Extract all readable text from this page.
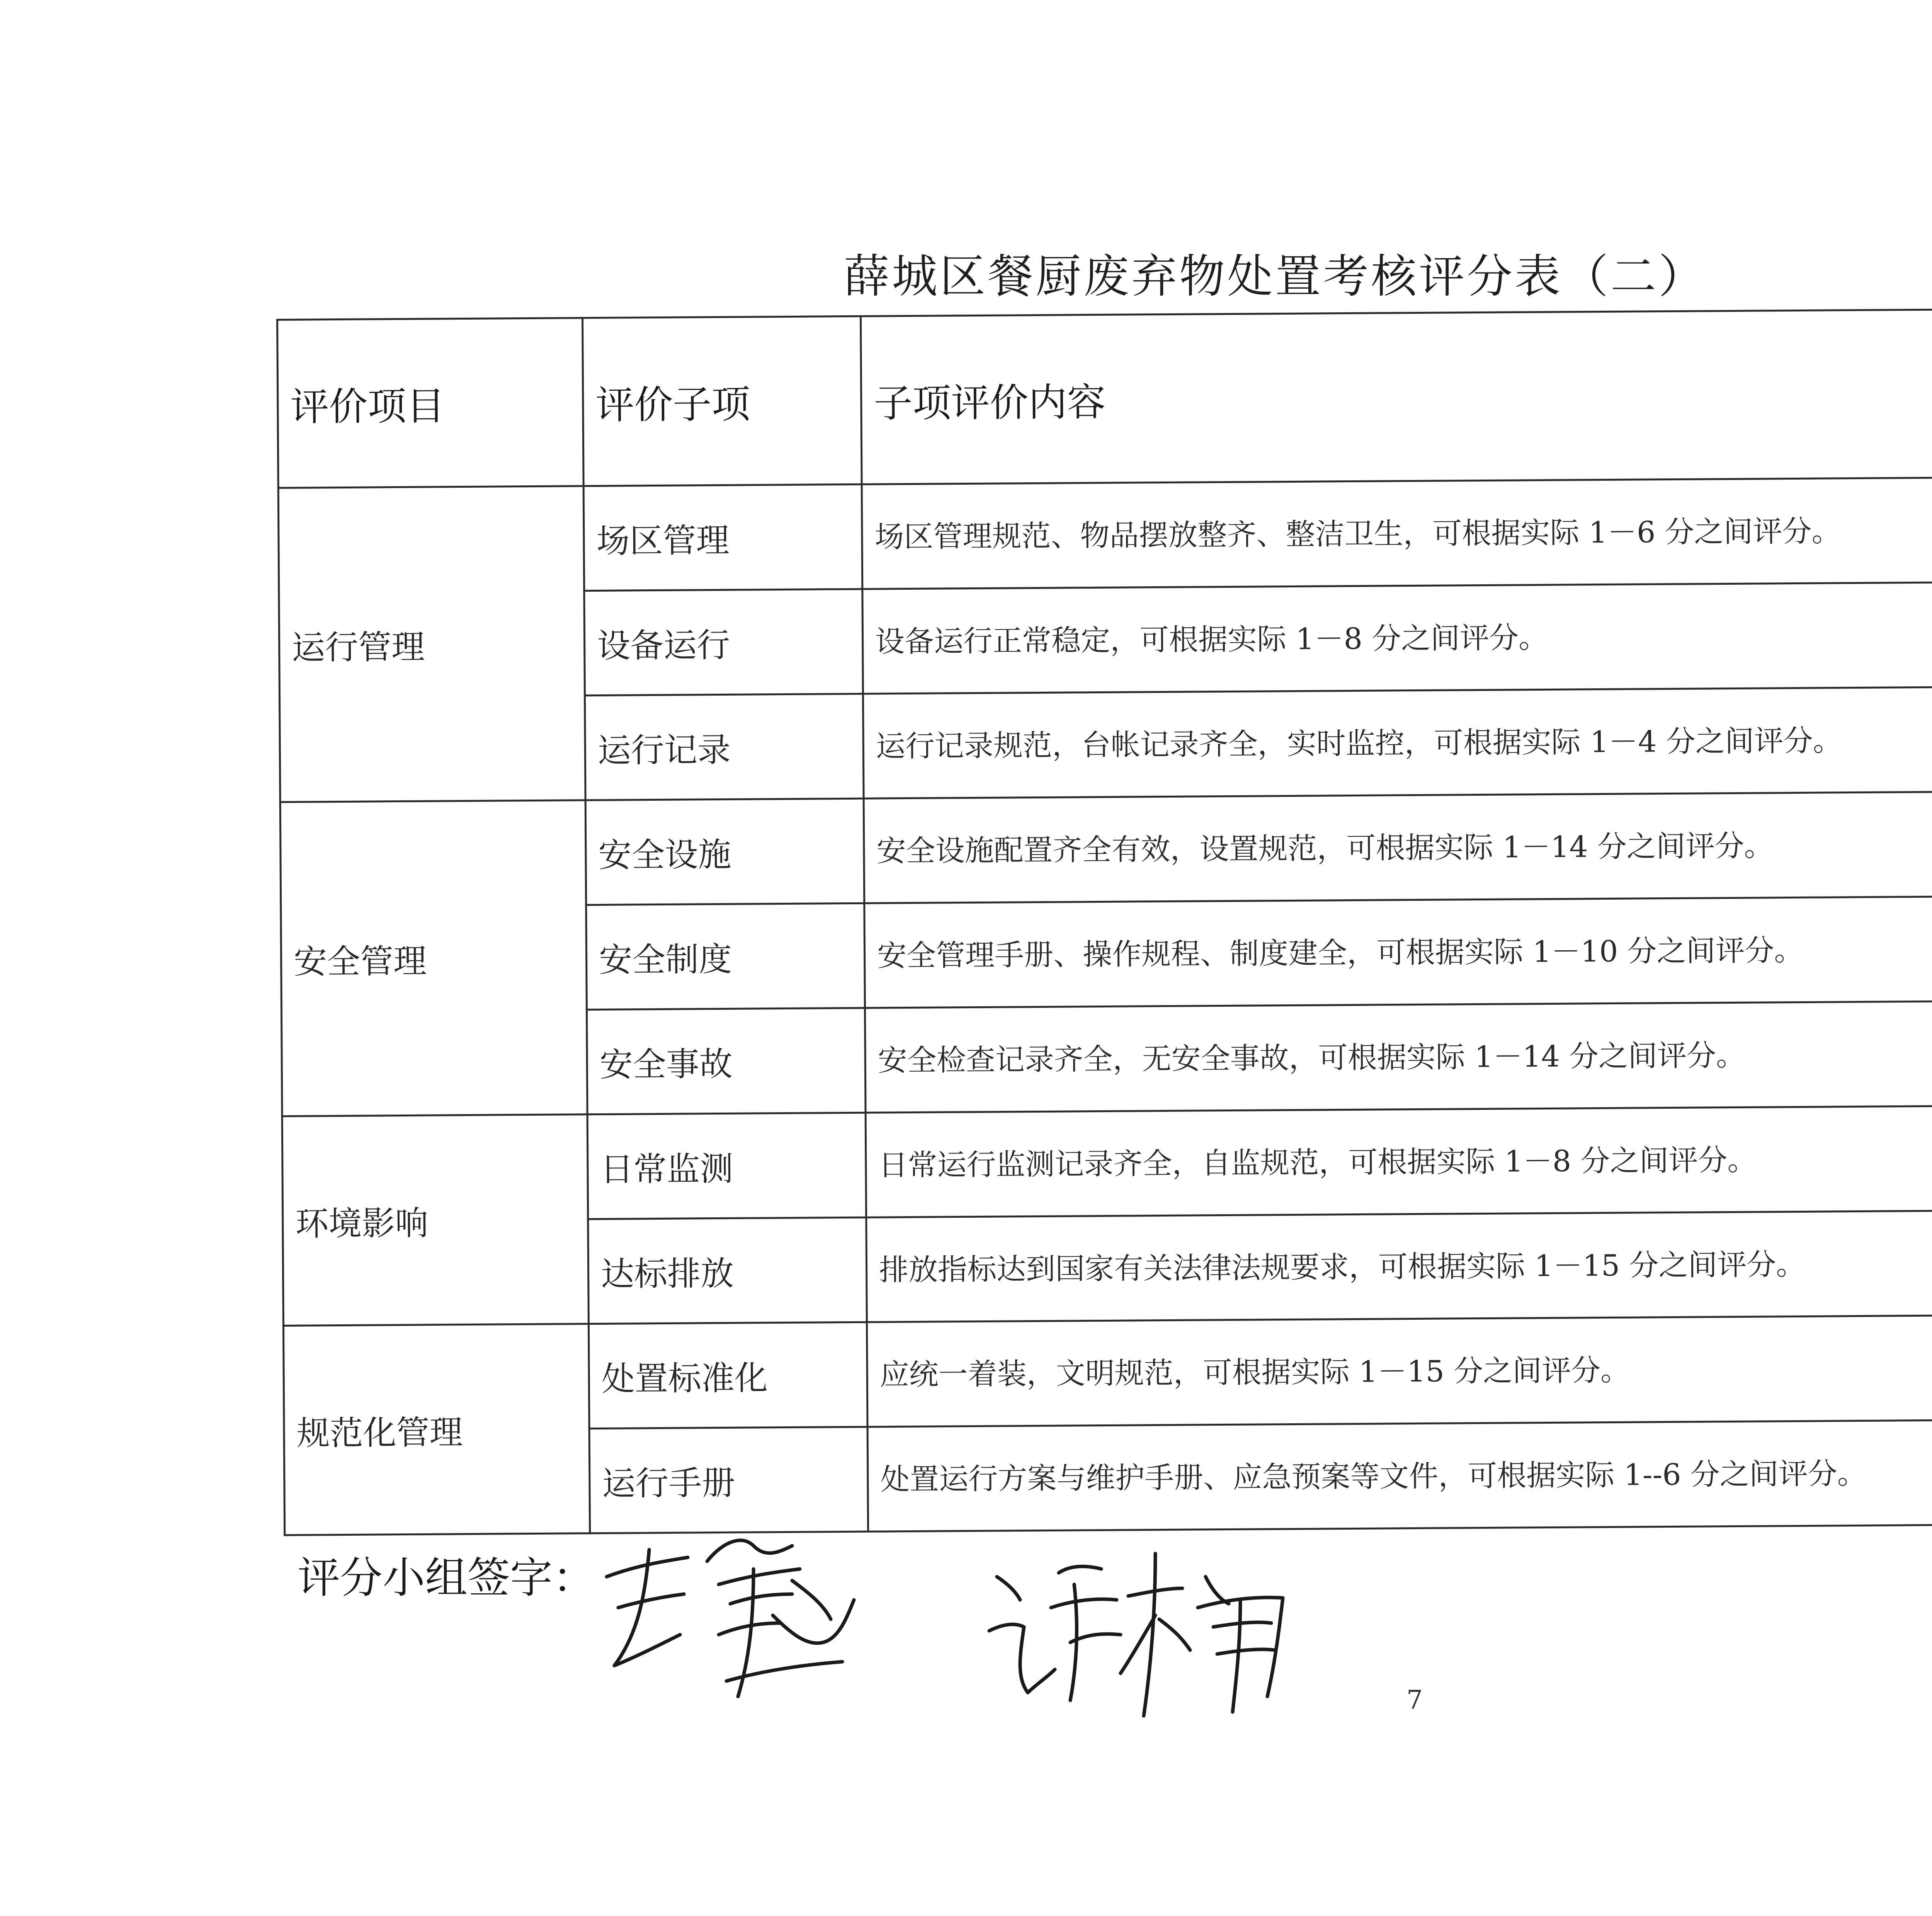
薛城区餐厨废弃物处置考核评分表（二）
评价项目	评价子项	子项评价内容		
运行管理	场区管理	场区管理规范、物品摆放整齐、整洁卫生，可根据实际 1－6 分之间评分。		
	设备运行	设备运行正常稳定，可根据实际 1－8 分之间评分。		
	运行记录	运行记录规范，台帐记录齐全，实时监控，可根据实际 1－4 分之间评分。		
安全管理	安全设施	安全设施配置齐全有效，设置规范，可根据实际 1－14 分之间评分。		
	安全制度	安全管理手册、操作规程、制度建全，可根据实际 1－10 分之间评分。		
	安全事故	安全检查记录齐全，无安全事故，可根据实际 1－14 分之间评分。		
环境影响	日常监测	日常运行监测记录齐全，自监规范，可根据实际 1－8 分之间评分。		
	达标排放	排放指标达到国家有关法律法规要求，可根据实际 1－15 分之间评分。		
规范化管理	处置标准化	应统一着装，文明规范，可根据实际 1－15 分之间评分。		
	运行手册	处置运行方案与维护手册、应急预案等文件，可根据实际 1--6 分之间评分。		
评分小组签字：

7
